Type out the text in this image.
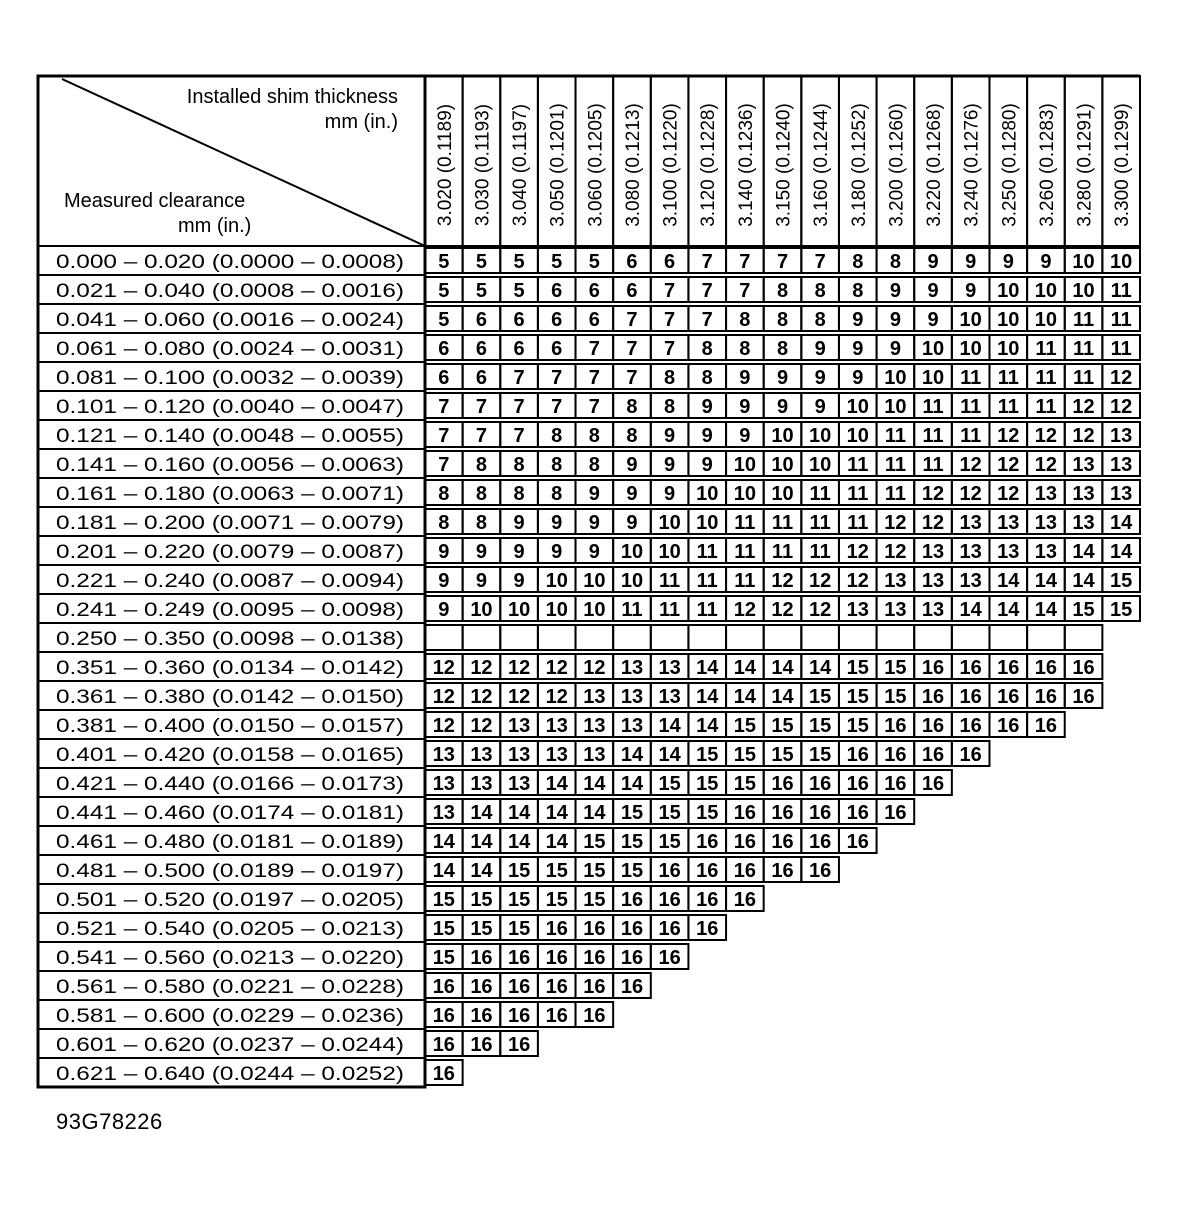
Installed shim thickness
mm (in.)
Measured clearance
mm (in.)	3.020 (0.1189) 3.030 (0.1193) 3.040 (0.1197) 3.050 (0.1201) 3.060 (0.1205) 3.080 (0.1213) 3.100 (0.1220) 3.120 (0.1228) 3.140 (0.1236) 3.150 (0.1240) 3.160 (0.1244) 3.180 (0.1252) 3.200 (0.1260) 3.220 (0.1268) 3.240 (0.1276) 3.250 (0.1280) 3.260 (0.1283) 3.280 (0.1291) 3.300 (0.1299)
0.000 – 0.020 (0.0000 – 0.0008)
0.021 – 0.040 (0.0008 – 0.0016)
0.041 – 0.060 (0.0016 – 0.0024)
0.061 – 0.080 (0.0024 – 0.0031)
0.081 – 0.100 (0.0032 – 0.0039)
0.101 – 0.120 (0.0040 – 0.0047)
0.121 – 0.140 (0.0048 – 0.0055)
0.141 – 0.160 (0.0056 – 0.0063)
0.161 – 0.180 (0.0063 – 0.0071)
0.181 – 0.200 (0.0071 – 0.0079)
0.201 – 0.220 (0.0079 – 0.0087)
0.221 – 0.240 (0.0087 – 0.0094)
0.241 – 0.249 (0.0095 – 0.0098)
0.250 – 0.350 (0.0098 – 0.0138)
0.351 – 0.360 (0.0134 – 0.0142)
0.361 – 0.380 (0.0142 – 0.0150)
0.381 – 0.400 (0.0150 – 0.0157)
0.401 – 0.420 (0.0158 – 0.0165)
0.421 – 0.440 (0.0166 – 0.0173)
0.441 – 0.460 (0.0174 – 0.0181)
0.461 – 0.480 (0.0181 – 0.0189)
0.481 – 0.500 (0.0189 – 0.0197)
0.501 – 0.520 (0.0197 – 0.0205)
0.521 – 0.540 (0.0205 – 0.0213)
0.541 – 0.560 (0.0213 – 0.0220)
0.561 – 0.580 (0.0221 – 0.0228)
0.581 – 0.600 (0.0229 – 0.0236)
0.601 – 0.620 (0.0237 – 0.0244)
0.621 – 0.640 (0.0244 – 0.0252)
5 5 5 5 5 6 6 7 7 7 7 8 8 9 9 9 9 10 10
5 5 5 6 6 6 7 7 7 8 8 8 9 9 9 10 10 10 11
5 6 6 6 6 7 7 7 8 8 8 9 9 9 10 10 10 11 11
6 6 6 6 7 7 7 8 8 8 9 9 9 10 10 10 11 11 11
6 6 7 7 7 7 8 8 9 9 9 9 10 10 11 11 11 11 12
7 7 7 7 7 8 8 9 9 9 9 10 10 11 11 11 11 12 12
7 7 7 8 8 8 9 9 9 10 10 10 11 11 11 12 12 12 13
7 8 8 8 8 9 9 9 10 10 10 11 11 11 12 12 12 13 13
8 8 8 8 9 9 9 10 10 10 11 11 11 12 12 12 13 13 13
8 8 9 9 9 9 10 10 11 11 11 11 12 12 13 13 13 13 14
9 9 9 9 9 10 10 11 11 11 11 12 12 13 13 13 13 14 14
9 9 9 10 10 10 11 11 11 12 12 12 13 13 13 14 14 14 15
9 10 10 10 10 11 11 11 12 12 12 13 13 13 14 14 14 15 15
12 12 12 12 12 13 13 14 14 14 14 15 15 16 16 16 16 16
12 12 12 12 13 13 13 14 14 14 15 15 15 16 16 16 16 16
12 12 13 13 13 13 14 14 15 15 15 15 16 16 16 16 16
13 13 13 13 13 14 14 15 15 15 15 16 16 16 16
13 13 13 14 14 14 15 15 15 16 16 16 16 16
13 14 14 14 14 15 15 15 16 16 16 16 16
14 14 14 14 15 15 15 16 16 16 16 16
14 14 15 15 15 15 16 16 16 16 16
15 15 15 15 15 16 16 16 16
15 15 15 16 16 16 16 16
15 16 16 16 16 16 16
16 16 16 16 16 16
16 16 16 16 16
16 16 16
16
93G78226
